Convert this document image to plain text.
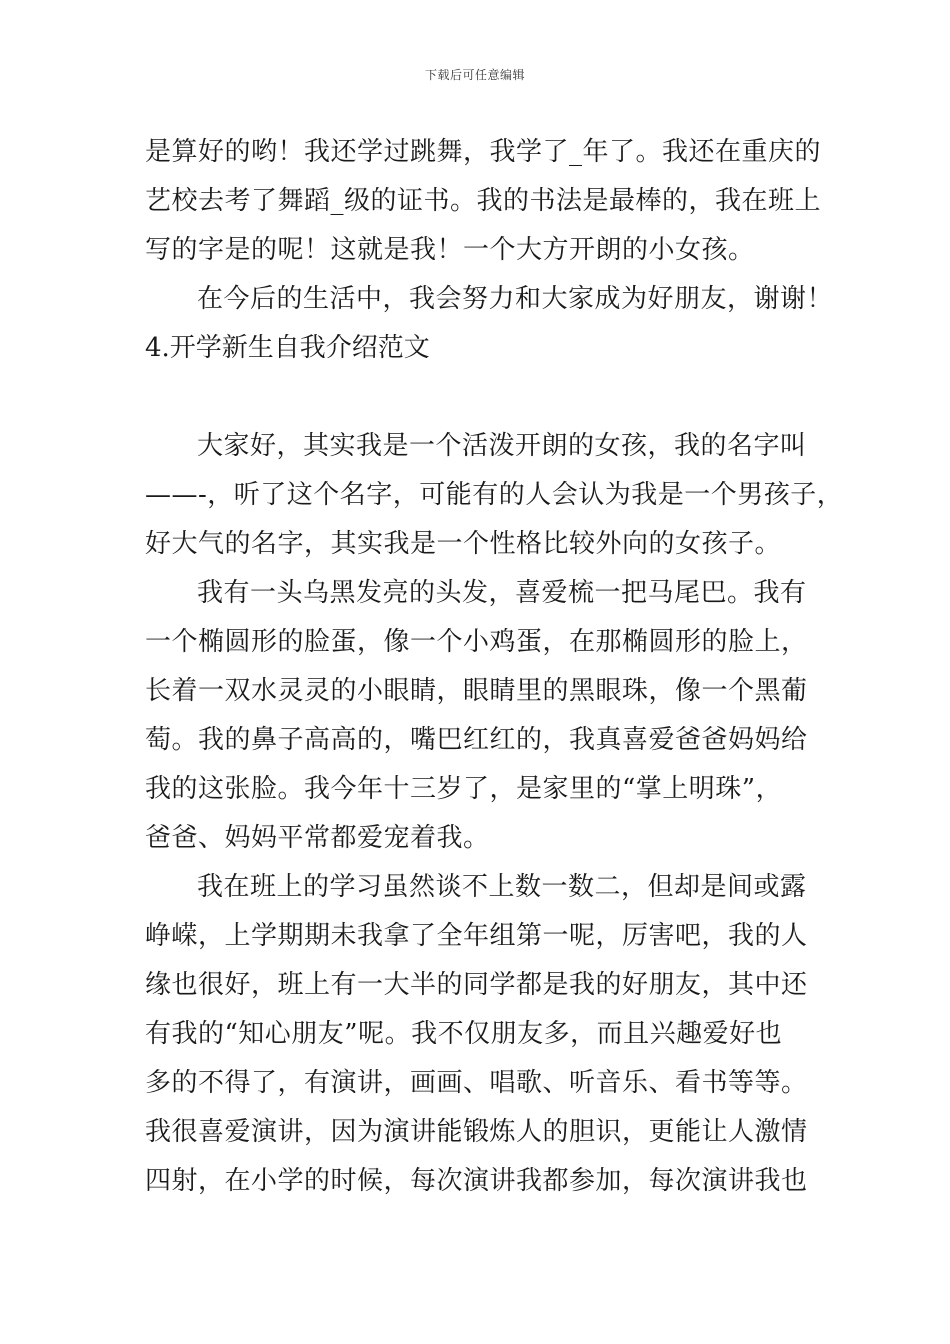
下载后可任意编辑
是算好的哟！我还学过跳舞，我学了_年了。我还在重庆的
艺校去考了舞蹈_级的证书。我的书法是最棒的，我在班上
写的字是的呢！这就是我！一个大方开朗的小女孩。
在今后的生活中，我会努力和大家成为好朋友，谢谢！
4.开学新生自我介绍范文
大家好，其实我是一个活泼开朗的女孩，我的名字叫
——-，听了这个名字，可能有的人会认为我是一个男孩子，
好大气的名字，其实我是一个性格比较外向的女孩子。
我有一头乌黑发亮的头发，喜爱梳一把马尾巴。我有
一个椭圆形的脸蛋，像一个小鸡蛋，在那椭圆形的脸上，
长着一双水灵灵的小眼睛，眼睛里的黑眼珠，像一个黑葡
萄。我的鼻子高高的，嘴巴红红的，我真喜爱爸爸妈妈给
我的这张脸。我今年十三岁了，是家里的“掌上明珠”，
爸爸、妈妈平常都爱宠着我。
我在班上的学习虽然谈不上数一数二，但却是间或露
峥嵘，上学期期未我拿了全年组第一呢，厉害吧，我的人
缘也很好，班上有一大半的同学都是我的好朋友，其中还
有我的“知心朋友”呢。我不仅朋友多，而且兴趣爱好也
多的不得了，有演讲，画画、唱歌、听音乐、看书等等。
我很喜爱演讲，因为演讲能锻炼人的胆识，更能让人激情
四射，在小学的时候，每次演讲我都参加，每次演讲我也
